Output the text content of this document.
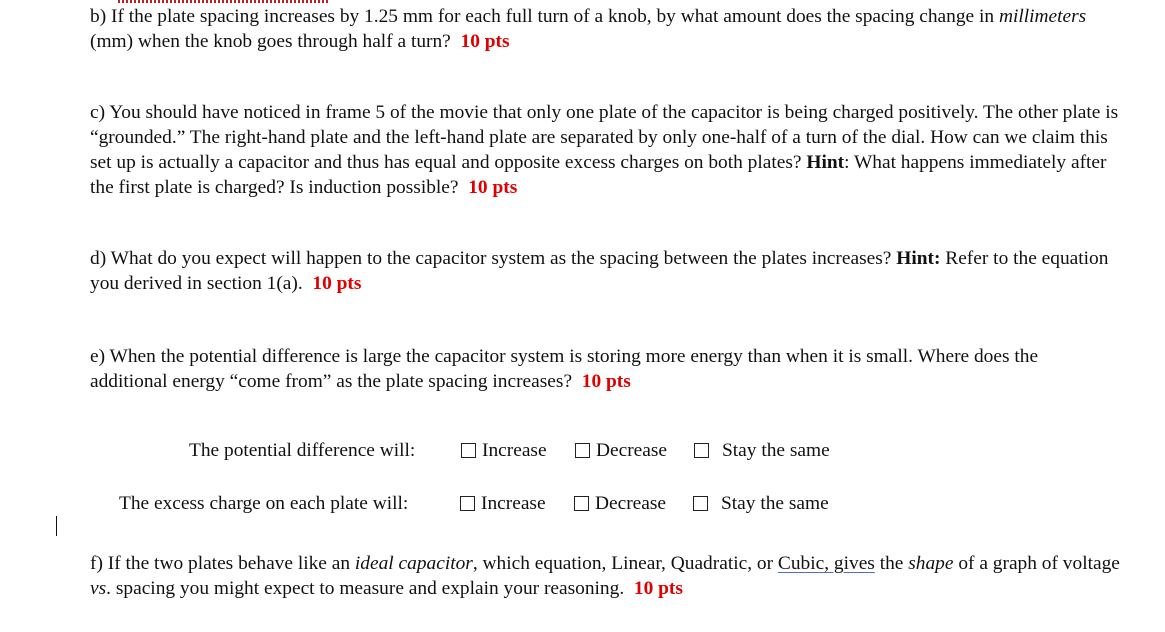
b) If the plate spacing increases by 1.25 mm for each full turn of a knob, by what amount does the spacing change in millimeters (mm) when the knob goes through half a turn? 10 pts

c) You should have noticed in frame 5 of the movie that only one plate of the capacitor is being charged positively. The other plate is “grounded.” The right-hand plate and the left-hand plate are separated by only one-half of a turn of the dial. How can we claim this set up is actually a capacitor and thus has equal and opposite excess charges on both plates? Hint: What happens immediately after the first plate is charged? Is induction possible? 10 pts

d) What do you expect will happen to the capacitor system as the spacing between the plates increases? Hint: Refer to the equation you derived in section 1(a). 10 pts

e) When the potential difference is large the capacitor system is storing more energy than when it is small. Where does the additional energy “come from” as the plate spacing increases? 10 pts

The potential difference will:	Increase	Decrease	Stay the same
The excess charge on each plate will:	Increase	Decrease	Stay the same

f) If the two plates behave like an ideal capacitor, which equation, Linear, Quadratic, or Cubic, gives the shape of a graph of voltage vs. spacing you might expect to measure and explain your reasoning. 10 pts
